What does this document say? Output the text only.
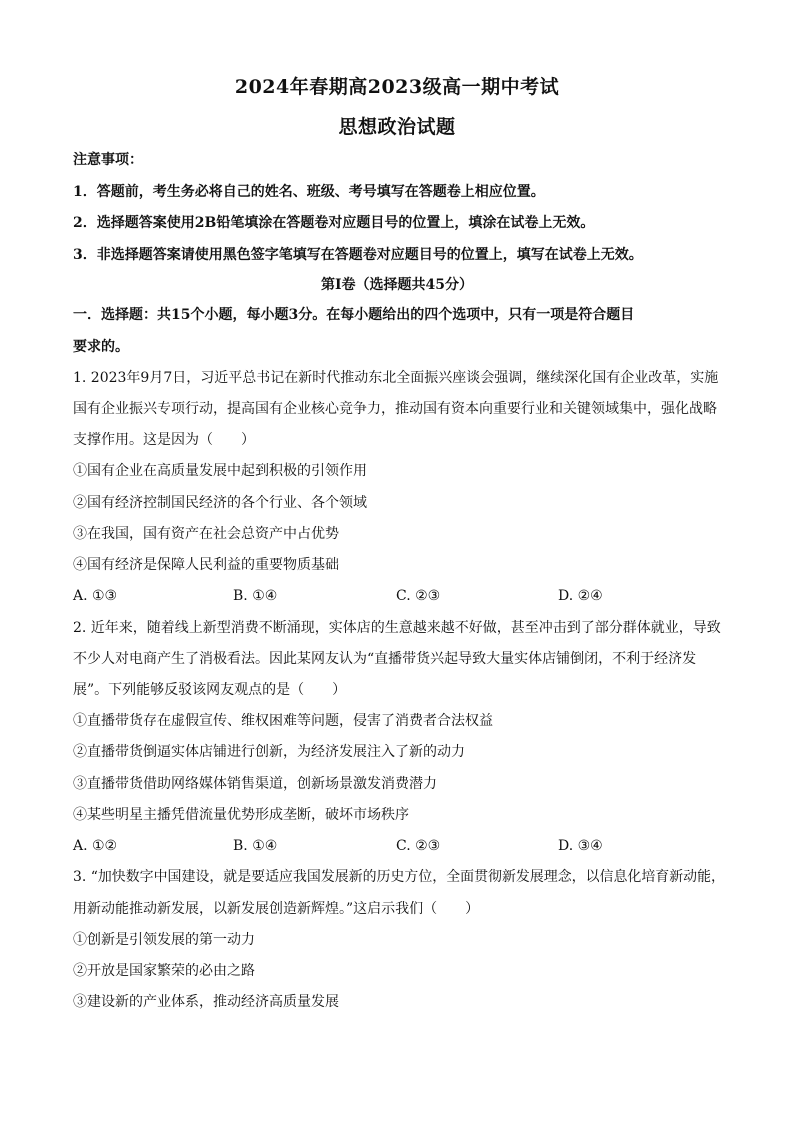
2024年春期高2023级高一期中考试
思想政治试题
注意事项：
1．答题前，考生务必将自己的姓名、班级、考号填写在答题卷上相应位置。
2．选择题答案使用2B铅笔填涂在答题卷对应题目号的位置上，填涂在试卷上无效。
3．非选择题答案请使用黑色签字笔填写在答题卷对应题目号的位置上，填写在试卷上无效。
第Ⅰ卷（选择题共45分）
一．选择题：共15个小题，每小题3分。在每小题给出的四个选项中，只有一项是符合题目
要求的。
1. 2023年9月7日，习近平总书记在新时代推动东北全面振兴座谈会强调，继续深化国有企业改革，实施
国有企业振兴专项行动，提高国有企业核心竞争力，推动国有资本向重要行业和关键领域集中，强化战略
支撑作用。这是因为（　　）
①国有企业在高质量发展中起到积极的引领作用
②国有经济控制国民经济的各个行业、各个领域
③在我国，国有资产在社会总资产中占优势
④国有经济是保障人民利益的重要物质基础
A. ①③	B. ①④	C. ②③	D. ②④
2. 近年来，随着线上新型消费不断涌现，实体店的生意越来越不好做，甚至冲击到了部分群体就业，导致
不少人对电商产生了消极看法。因此某网友认为“直播带货兴起导致大量实体店铺倒闭，不利于经济发
展”。下列能够反驳该网友观点的是（　　）
①直播带货存在虚假宣传、维权困难等问题，侵害了消费者合法权益
②直播带货倒逼实体店铺进行创新，为经济发展注入了新的动力
③直播带货借助网络媒体销售渠道，创新场景激发消费潜力
④某些明星主播凭借流量优势形成垄断，破坏市场秩序
A. ①②	B. ①④	C. ②③	D. ③④
3. “加快数字中国建设，就是要适应我国发展新的历史方位，全面贯彻新发展理念，以信息化培育新动能，
用新动能推动新发展，以新发展创造新辉煌。”这启示我们（　　）
①创新是引领发展的第一动力
②开放是国家繁荣的必由之路
③建设新的产业体系，推动经济高质量发展
